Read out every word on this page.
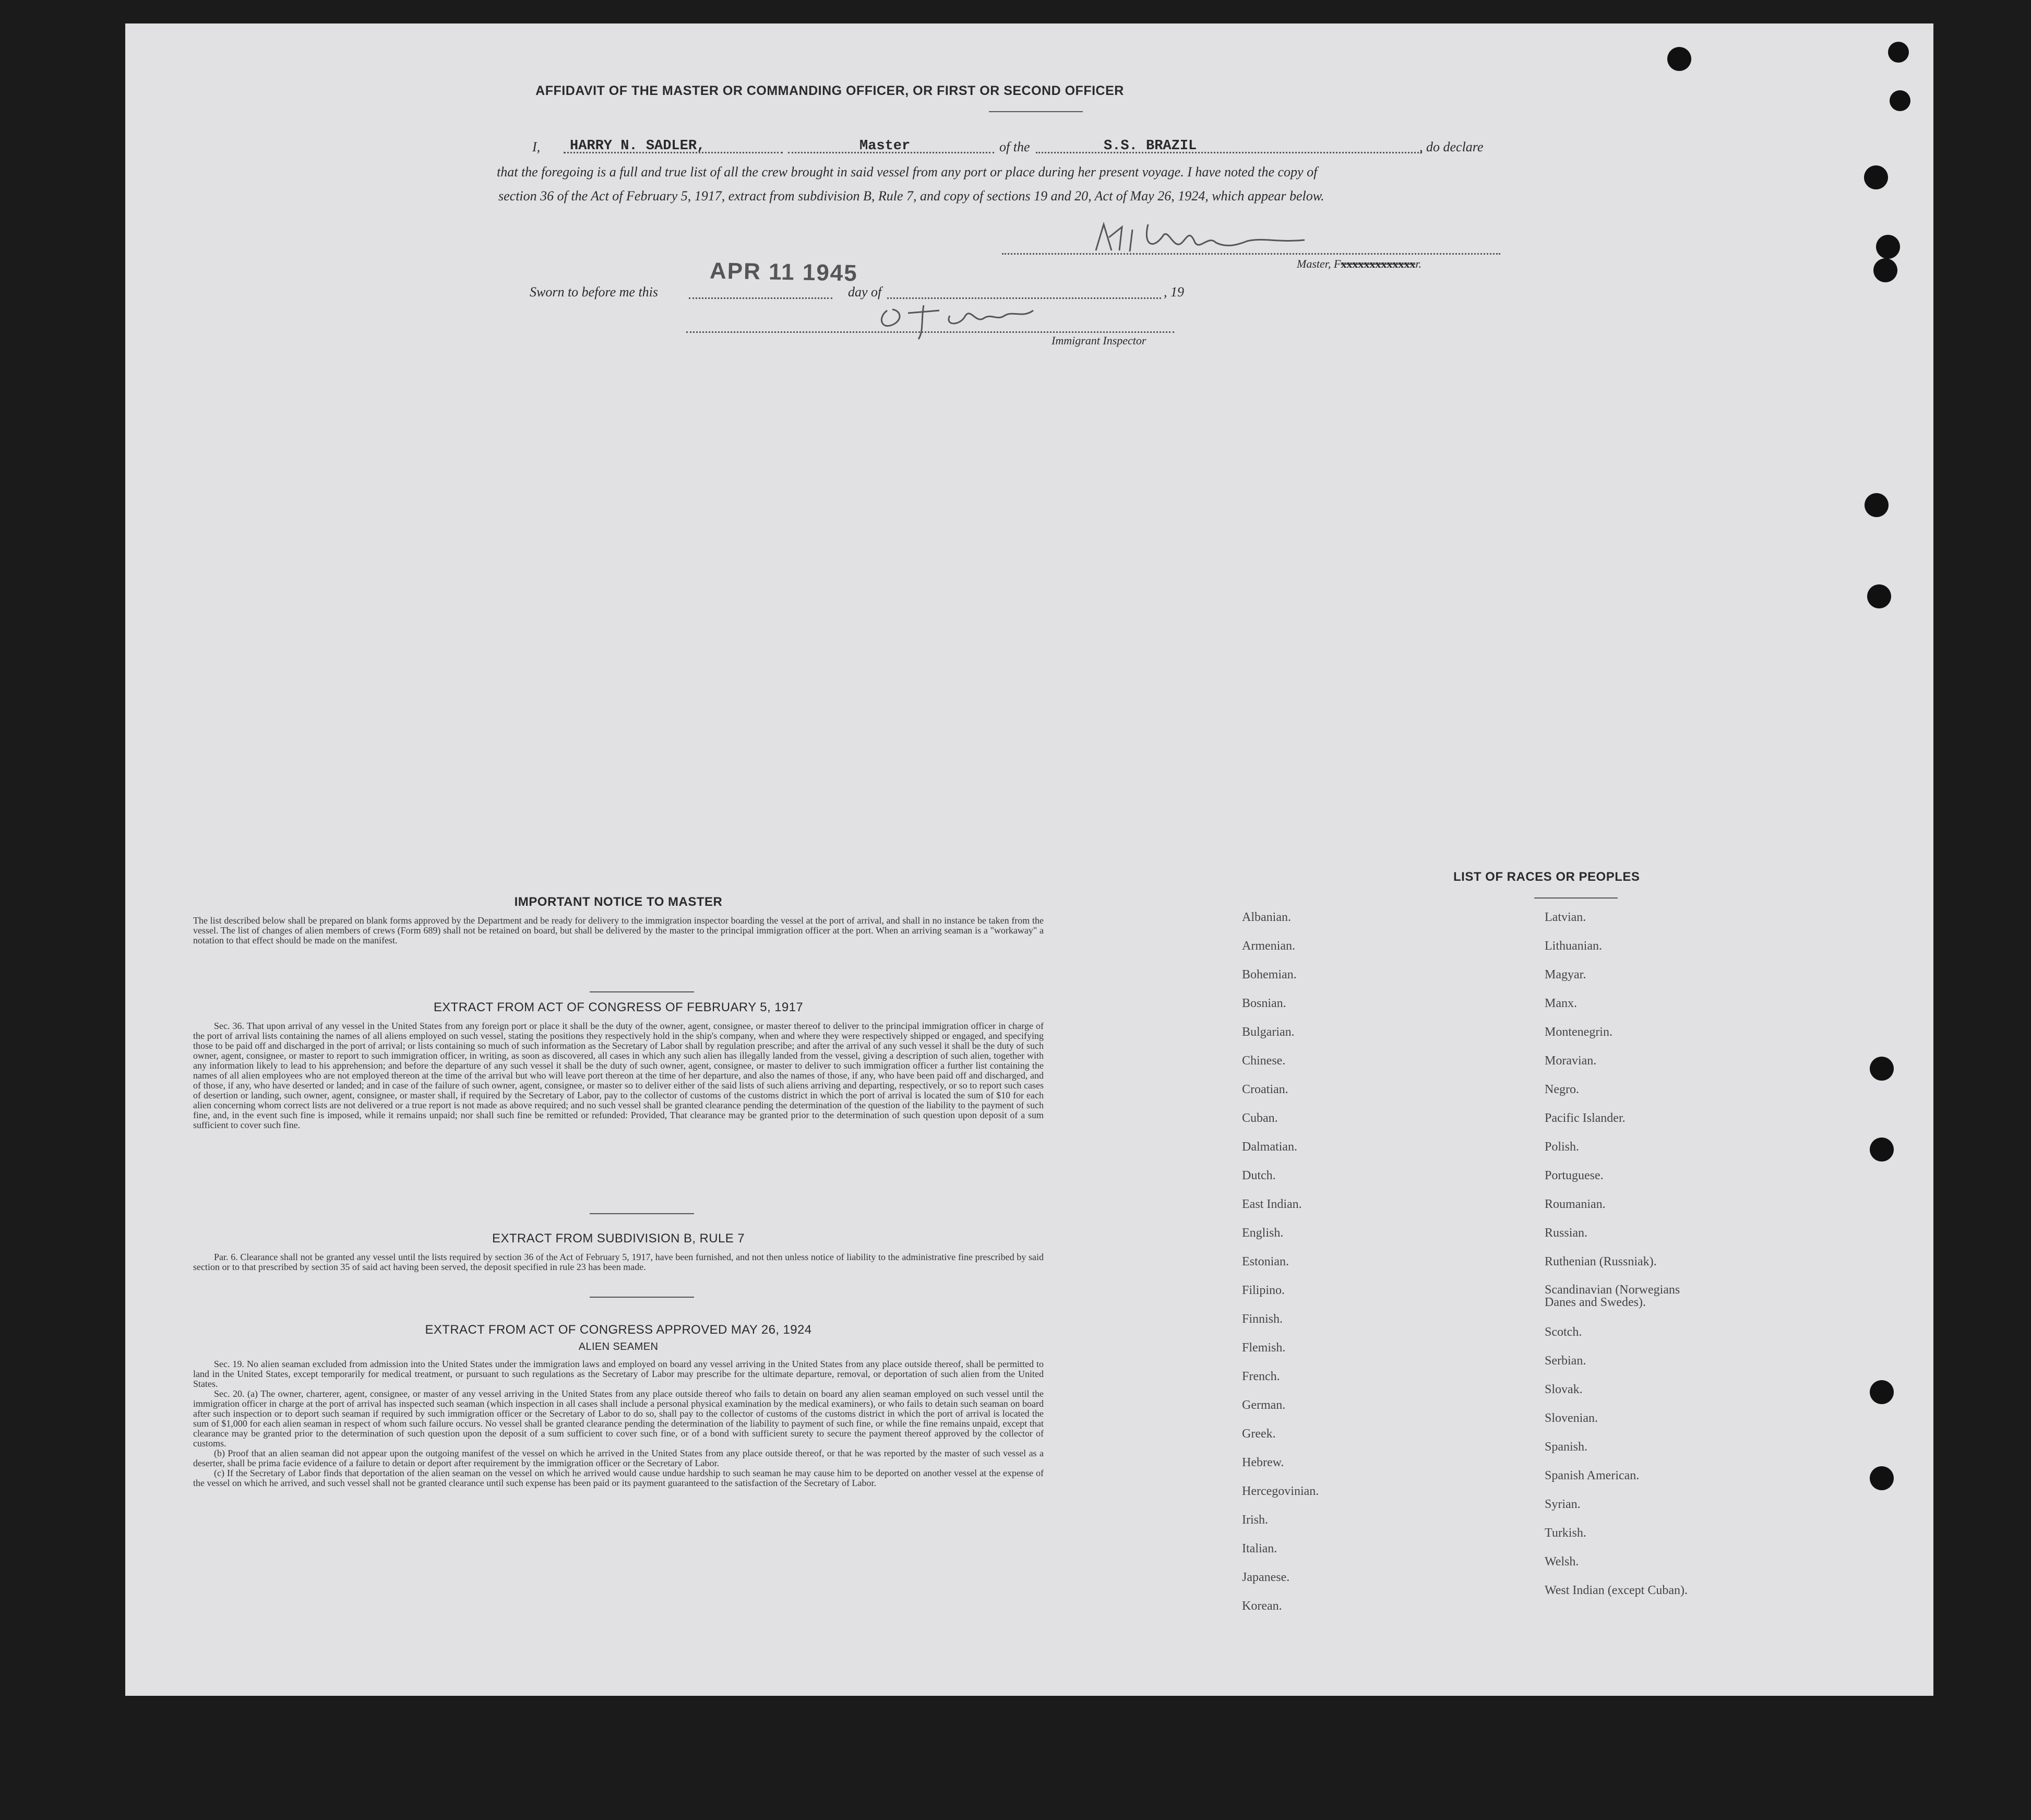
AFFIDAVIT OF THE MASTER OR COMMANDING OFFICER, OR FIRST OR SECOND OFFICER
I, HARRY N. SADLER,	Master	of the	S.S. BRAZIL	, do declare
that the foregoing is a full and true list of all the crew brought in said vessel from any port or place during her present voyage. I have noted the copy of
section 36 of the Act of February 5, 1917, extract from subdivision B, Rule 7, and copy of sections 19 and 20, Act of May 26, 1924, which appear below.
Master, Fxxxxxxxxxxxxxr.
APR 11 1945
Sworn to before me this	day of	, 19
Immigrant Inspector
IMPORTANT NOTICE TO MASTER
The list described below shall be prepared on blank forms approved by the Department and be ready for delivery to the immigration inspector boarding the vessel at the port of arrival, and shall in no instance be taken from the vessel. The list of changes of alien members of crews (Form 689) shall not be retained on board, but shall be delivered by the master to the principal immigration officer at the port. When an arriving seaman is a "workaway" a notation to that effect should be made on the manifest.
EXTRACT FROM ACT OF CONGRESS OF FEBRUARY 5, 1917
Sec. 36. That upon arrival of any vessel in the United States from any foreign port or place it shall be the duty of the owner, agent, consignee, or master thereof to deliver to the principal immigration officer in charge of the port of arrival lists containing the names of all aliens employed on such vessel, stating the positions they respectively hold in the ship's company, when and where they were respectively shipped or engaged, and specifying those to be paid off and discharged in the port of arrival; or lists containing so much of such information as the Secretary of Labor shall by regulation prescribe; and after the arrival of any such vessel it shall be the duty of such owner, agent, consignee, or master to report to such immigration officer, in writing, as soon as discovered, all cases in which any such alien has illegally landed from the vessel, giving a description of such alien, together with any information likely to lead to his apprehension; and before the departure of any such vessel it shall be the duty of such owner, agent, consignee, or master to deliver to such immigration officer a further list containing the names of all alien employees who are not employed thereon at the time of the arrival but who will leave port thereon at the time of her departure, and also the names of those, if any, who have been paid off and discharged, and of those, if any, who have deserted or landed; and in case of the failure of such owner, agent, consignee, or master so to deliver either of the said lists of such aliens arriving and departing, respectively, or so to report such cases of desertion or landing, such owner, agent, consignee, or master shall, if required by the Secretary of Labor, pay to the collector of customs of the customs district in which the port of arrival is located the sum of $10 for each alien concerning whom correct lists are not delivered or a true report is not made as above required; and no such vessel shall be granted clearance pending the determination of the question of the liability to the payment of such fine, and, in the event such fine is imposed, while it remains unpaid; nor shall such fine be remitted or refunded: Provided, That clearance may be granted prior to the determination of such question upon deposit of a sum sufficient to cover such fine.
EXTRACT FROM SUBDIVISION B, RULE 7
Par. 6. Clearance shall not be granted any vessel until the lists required by section 36 of the Act of February 5, 1917, have been furnished, and not then unless notice of liability to the administrative fine prescribed by said section or to that prescribed by section 35 of said act having been served, the deposit specified in rule 23 has been made.
EXTRACT FROM ACT OF CONGRESS APPROVED MAY 26, 1924
ALIEN SEAMEN
Sec. 19. No alien seaman excluded from admission into the United States under the immigration laws and employed on board any vessel arriving in the United States from any place outside thereof, shall be permitted to land in the United States, except temporarily for medical treatment, or pursuant to such regulations as the Secretary of Labor may prescribe for the ultimate departure, removal, or deportation of such alien from the United States.
Sec. 20. (a) The owner, charterer, agent, consignee, or master of any vessel arriving in the United States from any place outside thereof who fails to detain on board any alien seaman employed on such vessel until the immigration officer in charge at the port of arrival has inspected such seaman (which inspection in all cases shall include a personal physical examination by the medical examiners), or who fails to detain such seaman on board after such inspection or to deport such seaman if required by such immigration officer or the Secretary of Labor to do so, shall pay to the collector of customs of the customs district in which the port of arrival is located the sum of $1,000 for each alien seaman in respect of whom such failure occurs. No vessel shall be granted clearance pending the determination of the liability to payment of such fine, or while the fine remains unpaid, except that clearance may be granted prior to the determination of such question upon the deposit of a sum sufficient to cover such fine, or of a bond with sufficient surety to secure the payment thereof approved by the collector of customs.
(b) Proof that an alien seaman did not appear upon the outgoing manifest of the vessel on which he arrived in the United States from any place outside thereof, or that he was reported by the master of such vessel as a deserter, shall be prima facie evidence of a failure to detain or deport after requirement by the immigration officer or the Secretary of Labor.
(c) If the Secretary of Labor finds that deportation of the alien seaman on the vessel on which he arrived would cause undue hardship to such seaman he may cause him to be deported on another vessel at the expense of the vessel on which he arrived, and such vessel shall not be granted clearance until such expense has been paid or its payment guaranteed to the satisfaction of the Secretary of Labor.
LIST OF RACES OR PEOPLES
Albanian.
Armenian.
Bohemian.
Bosnian.
Bulgarian.
Chinese.
Croatian.
Cuban.
Dalmatian.
Dutch.
East Indian.
English.
Estonian.
Filipino.
Finnish.
Flemish.
French.
German.
Greek.
Hebrew.
Hercegovinian.
Irish.
Italian.
Japanese.
Korean.
Latvian.
Lithuanian.
Magyar.
Manx.
Montenegrin.
Moravian.
Negro.
Pacific Islander.
Polish.
Portuguese.
Roumanian.
Russian.
Ruthenian (Russniak).
Scandinavian (Norwegians Danes and Swedes).
Scotch.
Serbian.
Slovak.
Slovenian.
Spanish.
Spanish American.
Syrian.
Turkish.
Welsh.
West Indian (except Cuban).
